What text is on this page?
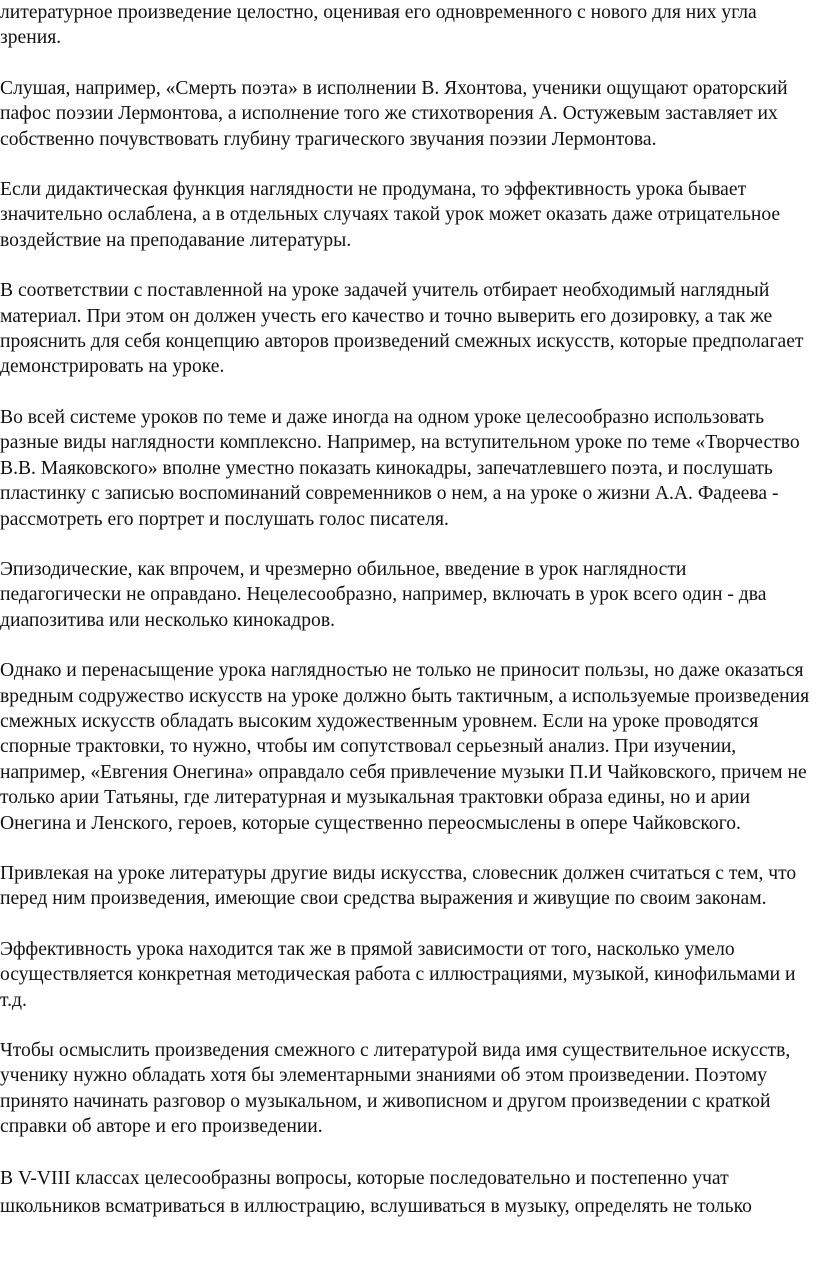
литературное произведение целостно, оценивая его одновременного с нового для них угла зрения.

Слушая, например, «Смерть поэта» в исполнении В. Яхонтова, ученики ощущают ораторский пафос поэзии Лермонтова, а исполнение того же стихотворения А. Остужевым заставляет их собственно почувствовать глубину трагического звучания поэзии Лермонтова.

Если дидактическая функция наглядности не продумана, то эффективность урока бывает значительно ослаблена, а в отдельных случаях такой урок может оказать даже отрицательное воздействие на преподавание литературы.

В соответствии с поставленной на уроке задачей учитель отбирает необходимый наглядный материал. При этом он должен учесть его качество и точно выверить его дозировку, а так же прояснить для себя концепцию авторов произведений смежных искусств, которые предполагает демонстрировать на уроке.

Во всей системе уроков по теме и даже иногда на одном уроке целесообразно использовать разные виды наглядности комплексно. Например, на вступительном уроке по теме «Творчество В.В. Маяковского» вполне уместно показать кинокадры, запечатлевшего поэта, и послушать пластинку с записью воспоминаний современников о нем, а на уроке о жизни А.А. Фадеева - рассмотреть его портрет и послушать голос писателя.

Эпизодические, как впрочем, и чрезмерно обильное, введение в урок наглядности педагогически не оправдано. Нецелесообразно, например, включать в урок всего один - два диапозитива или несколько кинокадров.

Однако и перенасыщение урока наглядностью не только не приносит пользы, но даже оказаться вредным содружество искусств на уроке должно быть тактичным, а используемые произведения смежных искусств обладать высоким художественным уровнем. Если на уроке проводятся спорные трактовки, то нужно, чтобы им сопутствовал серьезный анализ. При изучении, например, «Евгения Онегина» оправдало себя привлечение музыки П.И Чайковского, причем не только арии Татьяны, где литературная и музыкальная трактовки образа едины, но и арии Онегина и Ленского, героев, которые существенно переосмыслены в опере Чайковского.

Привлекая на уроке литературы другие виды искусства, словесник должен считаться с тем, что перед ним произведения, имеющие свои средства выражения и живущие по своим законам.

Эффективность урока находится так же в прямой зависимости от того, насколько умело осуществляется конкретная методическая работа с иллюстрациями, музыкой, кинофильмами и т.д.

Чтобы осмыслить произведения смежного с литературой вида имя существительное искусств, ученику нужно обладать хотя бы элементарными знаниями об этом произведении. Поэтому принято начинать разговор о музыкальном, и живописном и другом произведении с краткой справки об авторе и его произведении.

В V-VIII классах целесообразны вопросы, которые последовательно и постепенно учат школьников всматриваться в иллюстрацию, вслушиваться в музыку, определять не только
